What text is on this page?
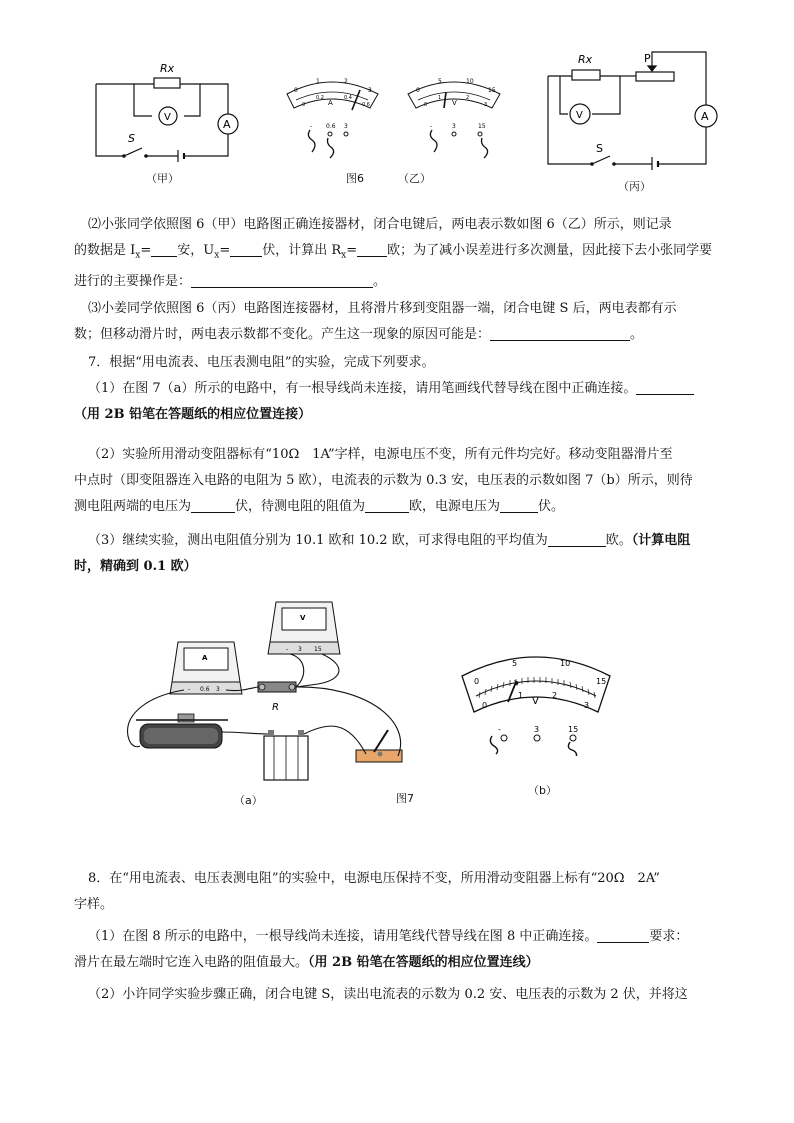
Rx
V
A
S
（甲）
0
1	2
3
0
0.2
A
0.4
0.6
- 0.6 3
0
5	10
15
0
1
V
2
3
-	3	15
图6	（乙）
Rx	P
V	A
S
（丙）
⑵小张同学依照图 6（甲）电路图正确连接器材，闭合电键后，两电表示数如图 6（乙）所示，则记录
的数据是 $I_x=$ 安，$U_x=$ 伏，计算出 $R_x=$ 欧；为了减小误差进行多次测量，因此接下去小张同学要
进行的主要操作是：	。
⑶小姜同学依照图 6（丙）电路图连接器材，且将滑片移到变阻器一端，闭合电键 S 后，两电表都有示
数；但移动滑片时，两电表示数都不变化。产生这一现象的原因可能是：	。
7．根据“用电流表、电压表测电阻”的实验，完成下列要求。
（1）在图 7（a）所示的电路中，有一根导线尚未连接，请用笔画线代替导线在图中正确连接。
（用 2B 铅笔在答题纸的相应位置连接）
（2）实验所用滑动变阻器标有“10Ω　1A”字样，电源电压不变，所有元件均完好。移动变阻器滑片至
中点时（即变阻器连入电路的电阻为 5 欧），电流表的示数为 0.3 安，电压表的示数如图 7（b）所示，则待
测电阻两端的电压为	伏，待测电阻的阻值为	欧，电源电压为	伏。
（3）继续实验，测出电阻值分别为 10.1 欧和 10.2 欧，可求得电阻的平均值为	欧。（计算电阻
时，精确到 0.1 欧）
A
V
- 0.6 3
- 3 15
R
（a）	图7
0
5	10
15
0
1
V
2
3
-	3	15
（b）
8．在“用电流表、电压表测电阻”的实验中，电源电压保持不变，所用滑动变阻器上标有“20Ω　2A”
字样。
（1）在图 8 所示的电路中，一根导线尚未连接，请用笔线代替导线在图 8 中正确连接。	要求：
滑片在最左端时它连入电路的阻值最大。（用 2B 铅笔在答题纸的相应位置连线）
（2）小许同学实验步骤正确，闭合电键 S，读出电流表的示数为 0.2 安、电压表的示数为 2 伏，并将这
